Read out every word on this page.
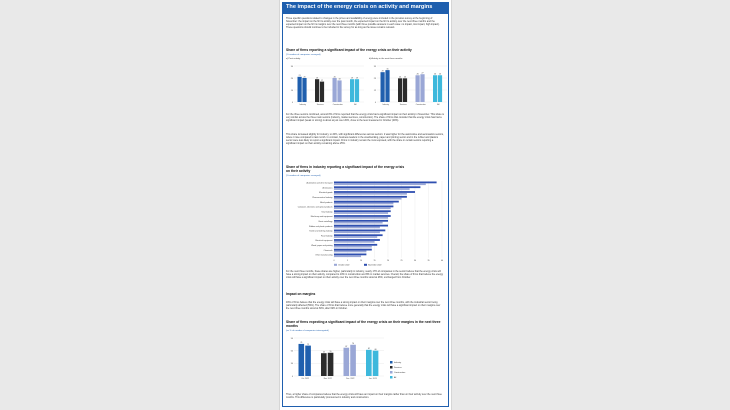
The impact of the energy crisis on activity and margins
Three specific questions related to changes in the prices and availability of energy were included in the previous survey at the beginning of November: the impact on the firm's activity over the past month, the expected impact on the firm's activity over the next three months and the expected impact on the firm's margins over the next three months (with three possible answers in each case: no impact, low impact, high impact). These questions should continue to be included in the survey for as long as the issue remains relevant.
Share of firms reporting a significant impact of the energy crisis on their activity
(% number of companies surveyed)
a) Past activity	b) Activity in the next three months
0
10
20
30
21
20
Industry
19
17
Services
20
18
Construction
19 19
All
0
12
23
35
29
31
Industry
23 23
Services
26
27
Construction
26 26
All
For the three sectors combined, around 8% of firms reported that the energy crisis had a significant impact on their activity in November. This share is very similar across the three main sectors (industry, market services, construction). The share of firms that consider that the energy crisis has had a significant impact (weak or strong) is about at just over 20%, close to the level measured in October (20%).
This share increased slightly for industry, to 20%, with significant differences across sectors: it was higher for the automotive and aeronautics sectors, where it rose compared to last month. In contrast, business leaders in the woodworking, paper and printing sector and in the rubber and plastics sector were less likely to report a significant impact. Firms in industry remain the most exposed, with the share in certain sectors reporting a significant impact on their activity remaining above 25%.
Share of firms in industry reporting a significant impact of the energy crisis on their activity
(% number of companies surveyed)
0	5	10	15	20	25	30	35	40
Automotive and other transport
Aeronautics
Electrical goods
Pharmaceutical industry
Metal products
Computer, electronic and optical products
Total industry
Machinery and equipment
Basic metallurgy
Rubber and plastic products
Textile and clothing industry
Food industry
Electrical equipment
Wood, paper and printing
Chemicals
Other manufacturing
October 2022	November 2022
For the next three months, these shares are higher, particularly in industry, nearly 17% of companies in the sector believe that the energy crisis will have a strong impact on their activity, compared to 10% in construction and 8% in market services. Overall, the share of firms that believe the energy crisis will have a significant impact on their activity over the next three months stood at 26%, unchanged from October.
Impact on margins
46% of firms believe that the energy crisis will have a strong impact on their margins over the next three months, with the industrial sector being particularly affected (59%). The share of firms that believe more generally that the energy crisis will have a significant impact on their margins over the next three months stood at 60%, after 62% in October.
Share of firms expecting a significant impact of the energy crisis on their margins in the next three months
(as % of number of companies interrogated)
0
30
60
90
76
72
Oct. 2022
54	55
Nov. 2022
67
74
Dec. 2022
62	60
Jan. 2023
Industry
Services
Construction
All
Thus, a higher share of companies believe that the energy crisis will have an impact on their margins rather than on their activity over the next three months. This difference is particularly pronounced in industry and construction.
